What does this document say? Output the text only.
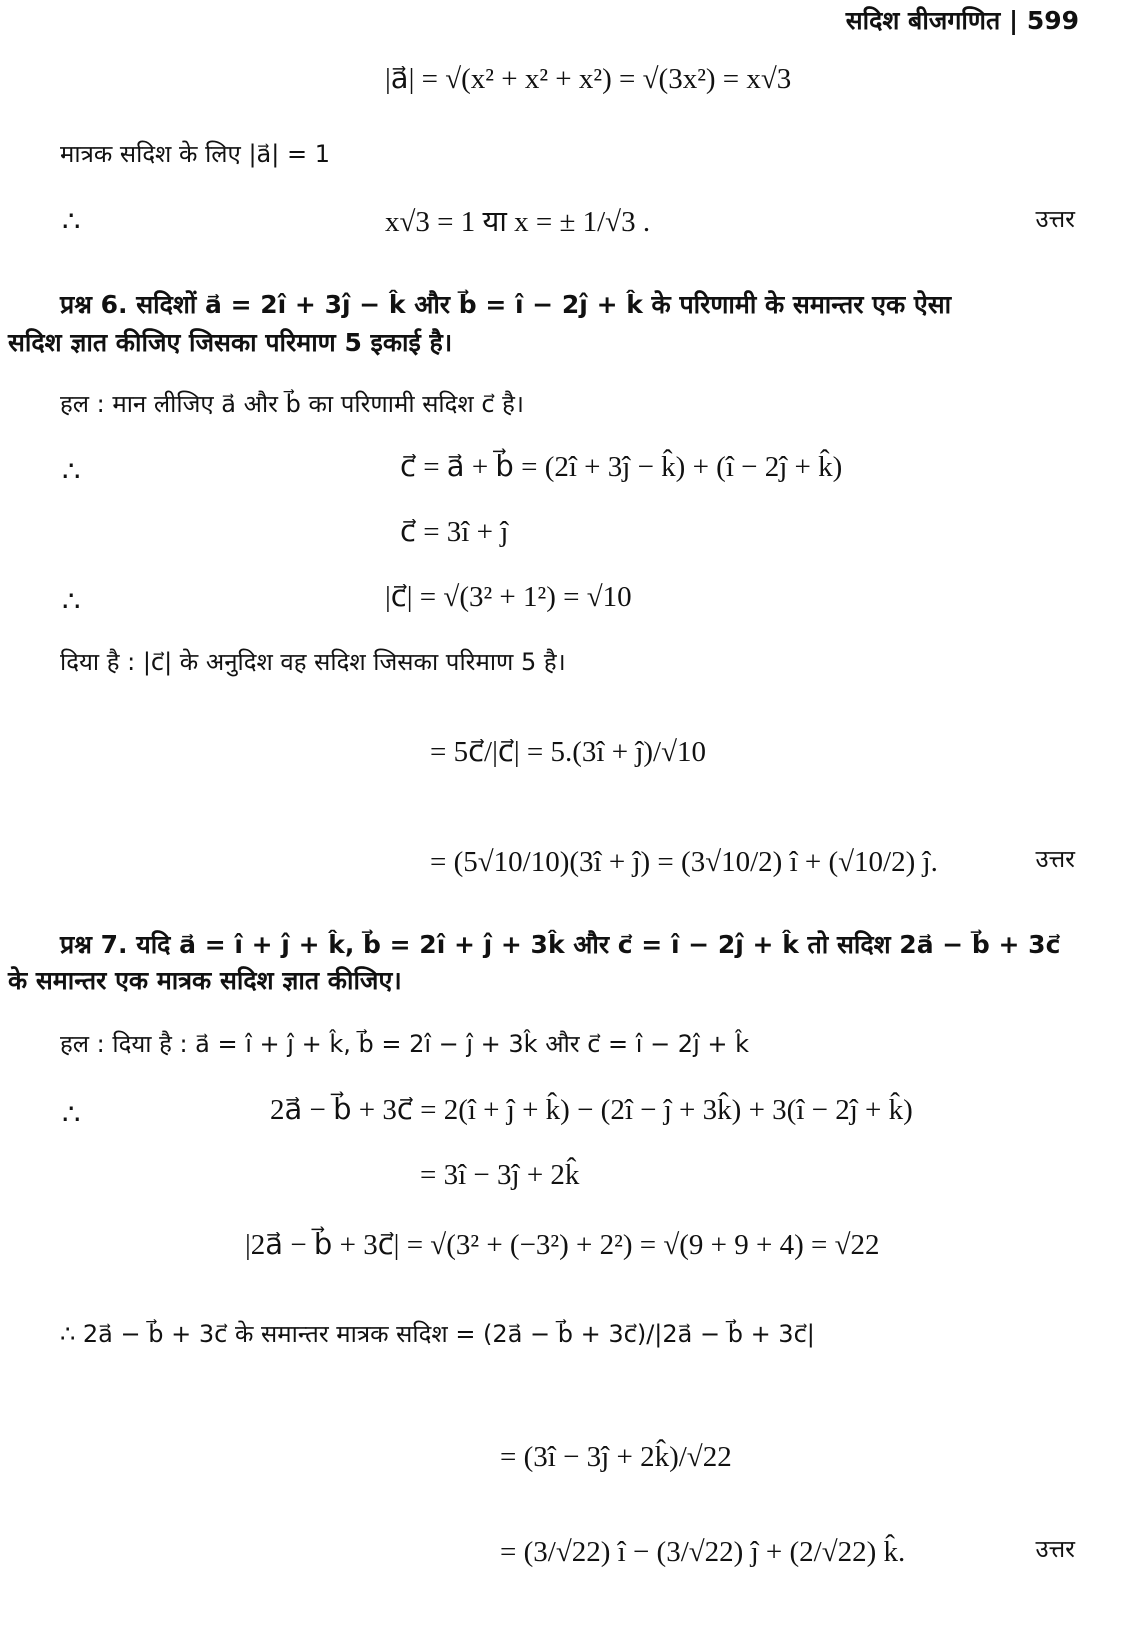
सदिश बीजगणित | 599
|a⃗| = √(x² + x² + x²) = √(3x²) = x√3
मात्रक सदिश के लिए |a⃗| = 1
∴	x√3 = 1 या x = ± 1/√3 .	उत्तर
प्रश्न 6. सदिशों a⃗ = 2î + 3ĵ − k̂ और b⃗ = î − 2ĵ + k̂ के परिणामी के समान्तर एक ऐसा
सदिश ज्ञात कीजिए जिसका परिमाण 5 इकाई है।
हल : मान लीजिए a⃗ और b⃗ का परिणामी सदिश c⃗ है।
∴	c⃗ = a⃗ + b⃗ = (2î + 3ĵ − k̂) + (î − 2ĵ + k̂)
c⃗ = 3î + ĵ
∴	|c⃗| = √(3² + 1²) = √10
दिया है : |c⃗| के अनुदिश वह सदिश जिसका परिमाण 5 है।
= 5c⃗/|c⃗| = 5.(3î + ĵ)/√10
= (5√10/10)(3î + ĵ) = (3√10/2) î + (√10/2) ĵ.	उत्तर
प्रश्न 7. यदि a⃗ = î + ĵ + k̂, b⃗ = 2î + ĵ + 3k̂ और c⃗ = î − 2ĵ + k̂ तो सदिश 2a⃗ − b⃗ + 3c⃗
के समान्तर एक मात्रक सदिश ज्ञात कीजिए।
हल : दिया है : a⃗ = î + ĵ + k̂, b⃗ = 2î − ĵ + 3k̂ और c⃗ = î − 2ĵ + k̂
∴	2a⃗ − b⃗ + 3c⃗ = 2(î + ĵ + k̂) − (2î − ĵ + 3k̂) + 3(î − 2ĵ + k̂)
= 3î − 3ĵ + 2k̂
|2a⃗ − b⃗ + 3c⃗| = √(3² + (−3²) + 2²) = √(9 + 9 + 4) = √22
∴ 2a⃗ − b⃗ + 3c⃗ के समान्तर मात्रक सदिश = (2a⃗ − b⃗ + 3c⃗)/|2a⃗ − b⃗ + 3c⃗|
= (3î − 3ĵ + 2k̂)/√22
= (3/√22) î − (3/√22) ĵ + (2/√22) k̂.	उत्तर
